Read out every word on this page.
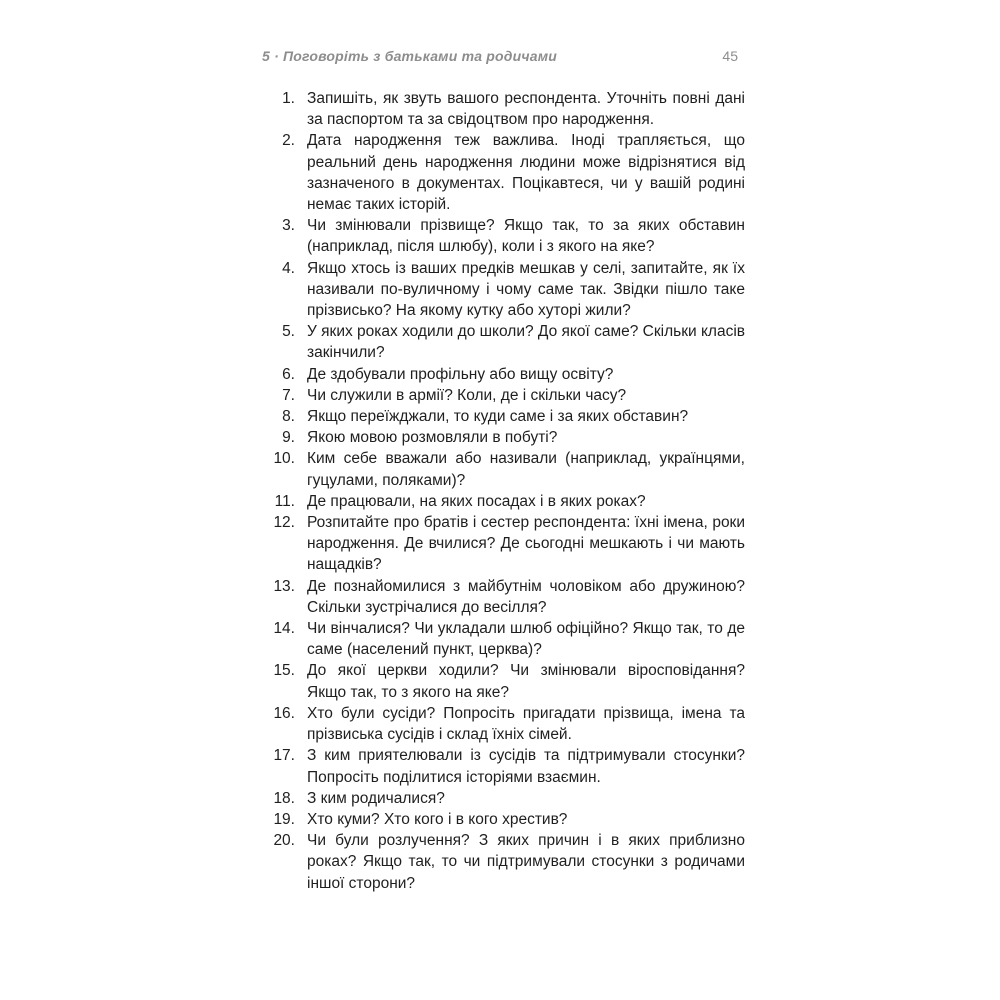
5 · Поговоріть з батьками та родичами	45
1. Запишіть, як звуть вашого респондента. Уточніть повні дані за паспортом та за свідоцтвом про народження.
2. Дата народження теж важлива. Іноді трапляється, що реальний день народження людини може відрізнятися від зазначеного в документах. Поцікавтеся, чи у вашій родині немає таких історій.
3. Чи змінювали прізвище? Якщо так, то за яких обставин (наприклад, після шлюбу), коли і з якого на яке?
4. Якщо хтось із ваших предків мешкав у селі, запитайте, як їх називали по-вуличному і чому саме так. Звідки пішло таке прізвисько? На якому кутку або хуторі жили?
5. У яких роках ходили до школи? До якої саме? Скільки класів закінчили?
6. Де здобували профільну або вищу освіту?
7. Чи служили в армії? Коли, де і скільки часу?
8. Якщо переїжджали, то куди саме і за яких обставин?
9. Якою мовою розмовляли в побуті?
10. Ким себе вважали або називали (наприклад, українцями, гуцулами, поляками)?
11. Де працювали, на яких посадах і в яких роках?
12. Розпитайте про братів і сестер респондента: їхні імена, роки народження. Де вчилися? Де сьогодні мешкають і чи мають нащадків?
13. Де познайомилися з майбутнім чоловіком або дружиною? Скільки зустрічалися до весілля?
14. Чи вінчалися? Чи укладали шлюб офіційно? Якщо так, то де саме (населений пункт, церква)?
15. До якої церкви ходили? Чи змінювали віросповідання? Якщо так, то з якого на яке?
16. Хто були сусіди? Попросіть пригадати прізвища, імена та прізвиська сусідів і склад їхніх сімей.
17. З ким приятелювали із сусідів та підтримували стосунки? Попросіть поділитися історіями взаємин.
18. З ким родичалися?
19. Хто куми? Хто кого і в кого хрестив?
20. Чи були розлучення? З яких причин і в яких приблизно роках? Якщо так, то чи підтримували стосунки з родичами іншої сторони?
